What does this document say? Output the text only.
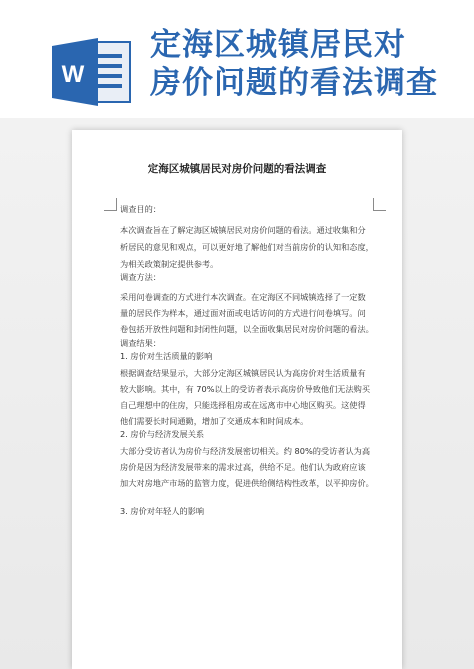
W
定海区城镇居民对
房价问题的看法调查
定海区城镇居民对房价问题的看法调查
调查目的：
本次调查旨在了解定海区城镇居民对房价问题的看法。通过收集和分
析居民的意见和观点，可以更好地了解他们对当前房价的认知和态度，
为相关政策制定提供参考。
调查方法：
采用问卷调查的方式进行本次调查。在定海区不同城镇选择了一定数
量的居民作为样本，通过面对面或电话访问的方式进行问卷填写。问
卷包括开放性问题和封闭性问题，以全面收集居民对房价问题的看法。
调查结果：
1. 房价对生活质量的影响
根据调查结果显示，大部分定海区城镇居民认为高房价对生活质量有
较大影响。其中，有 70%以上的受访者表示高房价导致他们无法购买
自己理想中的住房，只能选择租房或在远离市中心地区购买。这使得
他们需要长时间通勤，增加了交通成本和时间成本。
2. 房价与经济发展关系
大部分受访者认为房价与经济发展密切相关。约 80%的受访者认为高
房价是因为经济发展带来的需求过高，供给不足。他们认为政府应该
加大对房地产市场的监管力度，促进供给侧结构性改革，以平抑房价。
3. 房价对年轻人的影响
